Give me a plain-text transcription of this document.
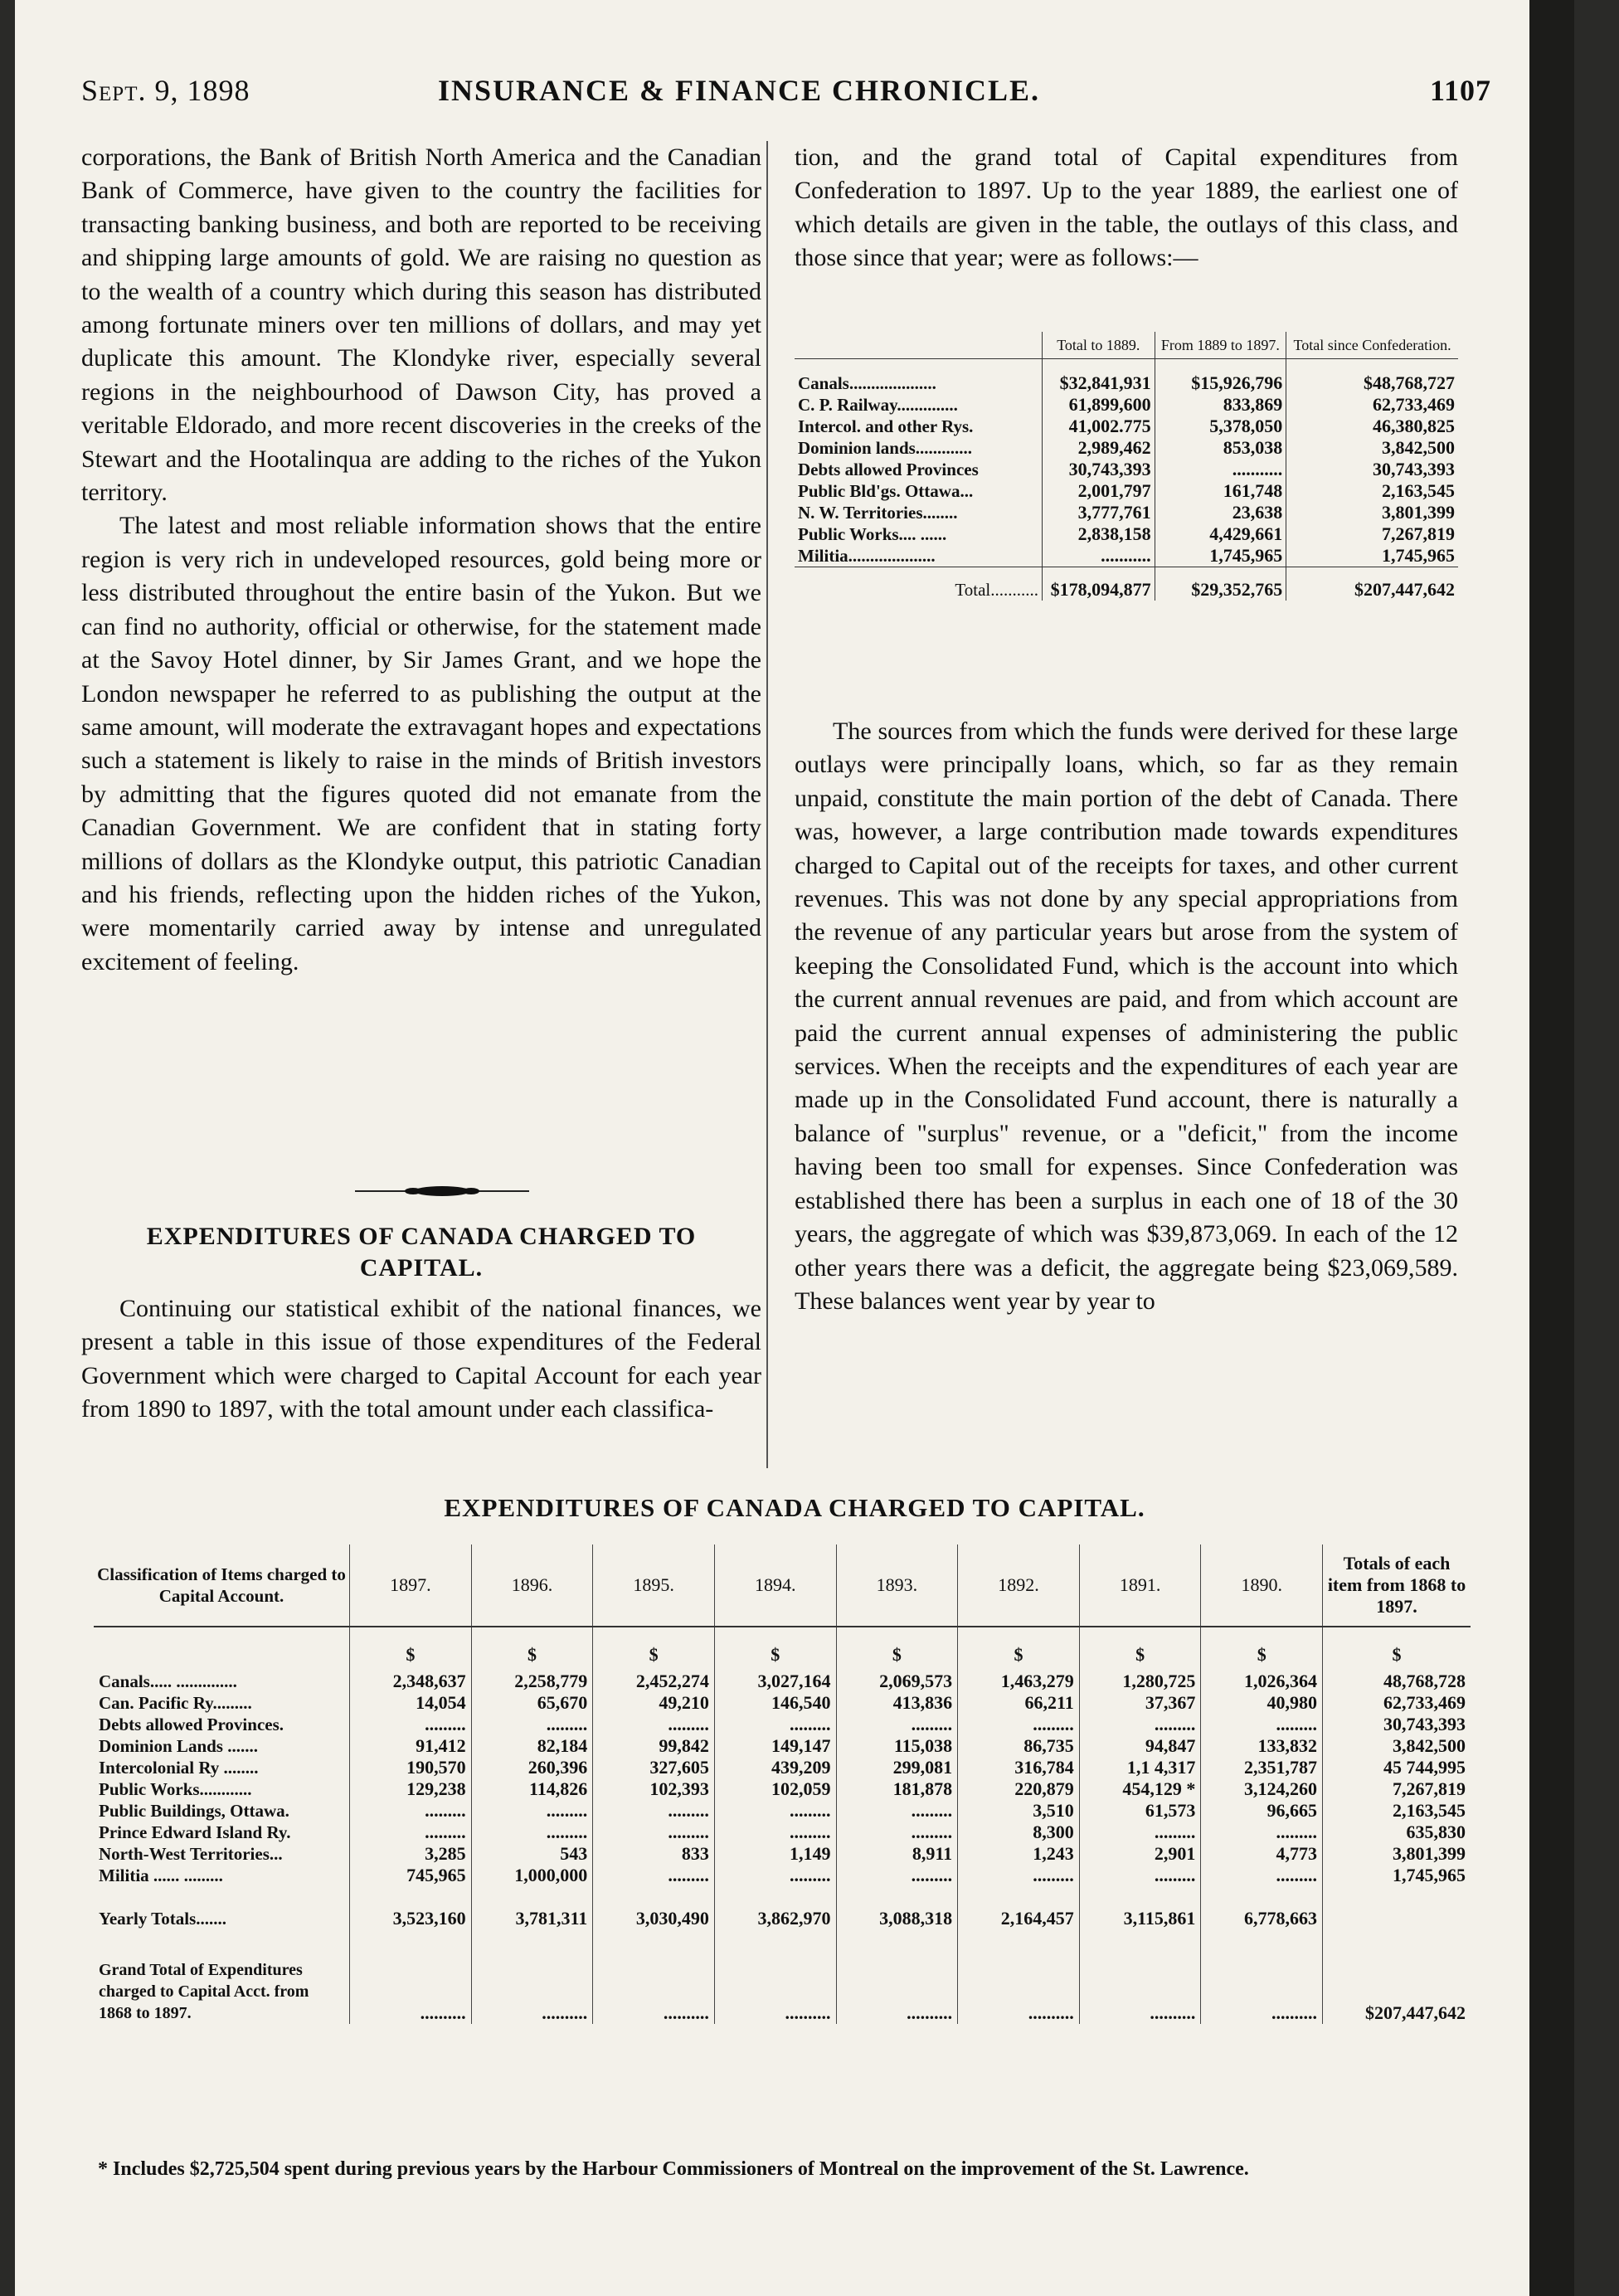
Sept. 9, 1898	INSURANCE & FINANCE CHRONICLE.	1107

corporations, the Bank of British North America and the Canadian Bank of Commerce, have given to the country the facilities for transacting banking business, and both are reported to be receiving and shipping large amounts of gold. We are raising no question as to the wealth of a country which during this season has distributed among fortunate miners over ten millions of dollars, and may yet duplicate this amount. The Klondyke river, especially several regions in the neighbourhood of Dawson City, has proved a veritable Eldorado, and more recent discoveries in the creeks of the Stewart and the Hootalinqua are adding to the riches of the Yukon territory.

The latest and most reliable information shows that the entire region is very rich in undeveloped resources, gold being more or less distributed throughout the entire basin of the Yukon. But we can find no authority, official or otherwise, for the statement made at the Savoy Hotel dinner, by Sir James Grant, and we hope the London newspaper he referred to as publishing the output at the same amount, will moderate the extravagant hopes and expectations such a statement is likely to raise in the minds of British investors by admitting that the figures quoted did not emanate from the Canadian Government. We are confident that in stating forty millions of dollars as the Klondyke output, this patriotic Canadian and his friends, reflecting upon the hidden riches of the Yukon, were momentarily carried away by intense and unregulated excitement of feeling.

EXPENDITURES OF CANADA CHARGED TO CAPITAL.

Continuing our statistical exhibit of the national finances, we present a table in this issue of those expenditures of the Federal Government which were charged to Capital Account for each year from 1890 to 1897, with the total amount under each classifica-

tion, and the grand total of Capital expenditures from Confederation to 1897. Up to the year 1889, the earliest one of which details are given in the table, the outlays of this class, and those since that year; were as follows:—

	Total to 1889.	From 1889 to 1897.	Total since Confederation.
Canals....................	$32,841,931	$15,926,796	$48,768,727
C. P. Railway..............	61,899,600	833,869	62,733,469
Intercol. and other Rys.	41,002.775	5,378,050	46,380,825
Dominion lands.............	2,989,462	853,038	3,842,500
Debts allowed Provinces	30,743,393	...........	30,743,393
Public Bld'gs. Ottawa...	2,001,797	161,748	2,163,545
N. W. Territories........	3,777,761	23,638	3,801,399
Public Works.... ......	2,838,158	4,429,661	7,267,819
Militia....................	...........	1,745,965	1,745,965
Total...........	$178,094,877	$29,352,765	$207,447,642

The sources from which the funds were derived for these large outlays were principally loans, which, so far as they remain unpaid, constitute the main portion of the debt of Canada. There was, however, a large contribution made towards expenditures charged to Capital out of the receipts for taxes, and other current revenues. This was not done by any special appropriations from the revenue of any particular years but arose from the system of keeping the Consolidated Fund, which is the account into which the current annual revenues are paid, and from which account are paid the current annual expenses of administering the public services. When the receipts and the expenditures of each year are made up in the Consolidated Fund account, there is naturally a balance of "surplus" revenue, or a "deficit," from the income having been too small for expenses. Since Confederation was established there has been a surplus in each one of 18 of the 30 years, the aggregate of which was $39,873,069. In each of the 12 other years there was a deficit, the aggregate being $23,069,589. These balances went year by year to

EXPENDITURES OF CANADA CHARGED TO CAPITAL.
Classification of Items charged to Capital Account.	1897.	1896.	1895.	1894.	1893.	1892.	1891.	1890.	Totals of each item from 1868 to 1897.
	$	$	$	$	$	$	$	$	$
Canals..... ..............	2,348,637	2,258,779	2,452,274	3,027,164	2,069,573	1,463,279	1,280,725	1,026,364	48,768,728
Can. Pacific Ry.........	14,054	65,670	49,210	146,540	413,836	66,211	37,367	40,980	62,733,469
Debts allowed Provinces.	.........	.........	.........	.........	.........	.........	.........	.........	30,743,393
Dominion Lands .......	91,412	82,184	99,842	149,147	115,038	86,735	94,847	133,832	3,842,500
Intercolonial Ry ........	190,570	260,396	327,605	439,209	299,081	316,784	1,1 4,317	2,351,787	45 744,995
Public Works............	129,238	114,826	102,393	102,059	181,878	220,879	454,129 *	3,124,260	7,267,819
Public Buildings, Ottawa.	.........	.........	.........	.........	.........	3,510	61,573	96,665	2,163,545
Prince Edward Island Ry.	.........	.........	.........	.........	.........	8,300	.........	.........	635,830
North-West Territories...	3,285	543	833	1,149	8,911	1,243	2,901	4,773	3,801,399
Militia ...... .........	745,965	1,000,000	.........	.........	.........	.........	.........	.........	1,745,965
Yearly Totals.......	3,523,160	3,781,311	3,030,490	3,862,970	3,088,318	2,164,457	3,115,861	6,778,663	
Grand Total of Expenditures charged to Capital Acct. from 1868 to 1897.	..........	..........	..........	..........	..........	..........	..........	..........	$207,447,642
* Includes $2,725,504 spent during previous years by the Harbour Commissioners of Montreal on the improvement of the St. Lawrence.
